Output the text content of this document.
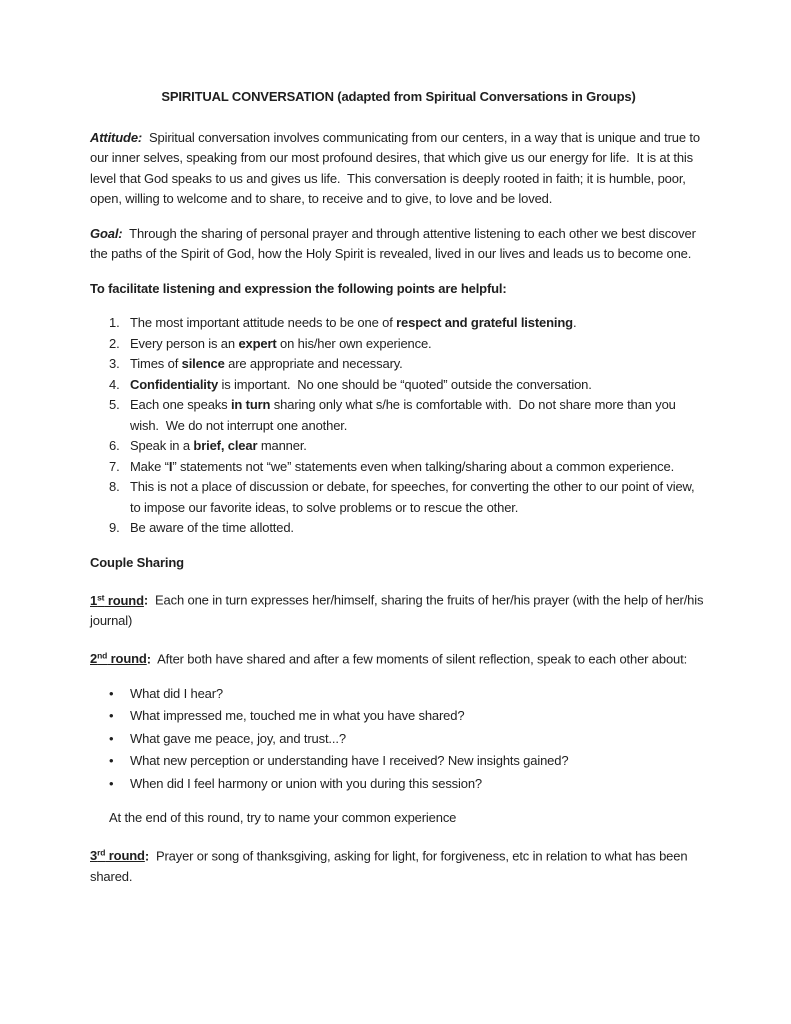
SPIRITUAL CONVERSATION (adapted from Spiritual Conversations in Groups)

Attitude:  Spiritual conversation involves communicating from our centers, in a way that is unique and true to our inner selves, speaking from our most profound desires, that which give us our energy for life.  It is at this level that God speaks to us and gives us life.  This conversation is deeply rooted in faith; it is humble, poor, open, willing to welcome and to share, to receive and to give, to love and be loved.

Goal:  Through the sharing of personal prayer and through attentive listening to each other we best discover the paths of the Spirit of God, how the Holy Spirit is revealed, lived in our lives and leads us to become one.

To facilitate listening and expression the following points are helpful:

1. The most important attitude needs to be one of respect and grateful listening.
2. Every person is an expert on his/her own experience.
3. Times of silence are appropriate and necessary.
4. Confidentiality is important.  No one should be “quoted” outside the conversation.
5. Each one speaks in turn sharing only what s/he is comfortable with.  Do not share more than you wish.  We do not interrupt one another.
6. Speak in a brief, clear manner.
7. Make “I” statements not “we” statements even when talking/sharing about a common experience.
8. This is not a place of discussion or debate, for speeches, for converting the other to our point of view, to impose our favorite ideas, to solve problems or to rescue the other.
9. Be aware of the time allotted.

Couple Sharing

1st round:  Each one in turn expresses her/himself, sharing the fruits of her/his prayer (with the help of her/his journal)

2nd round:  After both have shared and after a few moments of silent reflection, speak to each other about:

•	What did I hear?
•	What impressed me, touched me in what you have shared?
•	What gave me peace, joy, and trust...?
•	What new perception or understanding have I received? New insights gained?
•	When did I feel harmony or union with you during this session?

At the end of this round, try to name your common experience

3rd round:  Prayer or song of thanksgiving, asking for light, for forgiveness, etc in relation to what has been shared.
